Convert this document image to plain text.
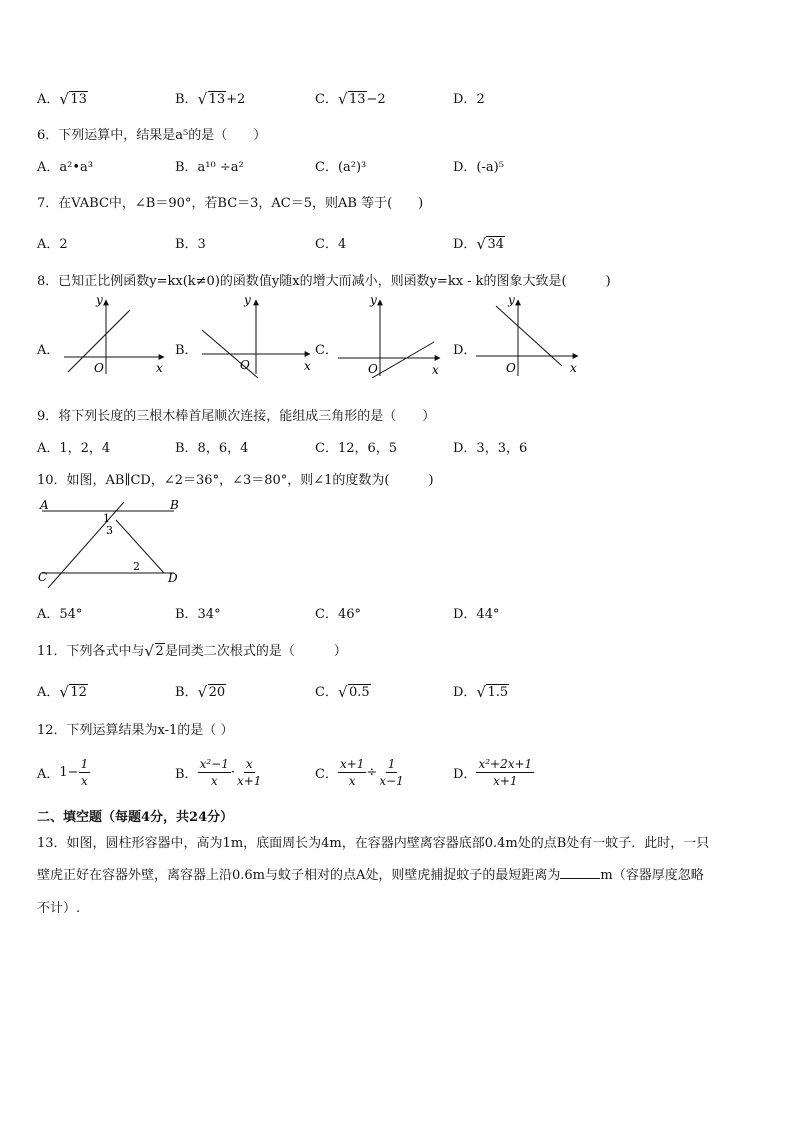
A． √ 13	B． √ 13+2	C． √ 13−2	D．2
6．下列运算中，结果是a⁵的是（　　）
A．a²•a³	B．a¹⁰ ÷a²	C．(a²)³	D．(-a)⁵
7．在VABC中，∠B＝90°，若BC＝3，AC＝5，则AB 等于(　　)
A．2	B．3	C．4	D． √ 34
8．已知正比例函数y=kx(k≠0)的函数值y随x的增大而减小，则函数y=kx - k的图象大致是(　　　)
A．	B．	C．	D．
x
y
O	x
y
O	x
y
O	x
y
O
9．将下列长度的三根木棒首尾顺次连接，能组成三角形的是（　　）
A．1，2，4	B．8，6，4	C．12，6，5	D．3，3，6
10．如图，AB∥CD，∠2＝36°，∠3＝80°，则∠1的度数为(　　　)
A	B
C	D
1
2
3
A．54°	B．34°	C．46°	D．44°
11．下列各式中与 √ 2是同类二次根式的是（　　　）
A． √ 12	B． √ 20	C． √ 0.5	D． √ 1.5
12．下列运算结果为x-1的是（ ）
A． $1- \frac{1}{x}$	B． $\frac{\text{x²−1}}{x} \cdot \frac{x}{x+1}$	C． $\frac{x+1}{x} \div \frac{1}{x-1}$	D． $\frac{\text{x²+2x+1}}{x+1}$
二、填空题（每题4分，共24分）
13．如图，圆柱形容器中，高为1m，底面周长为4m，在容器内壁离容器底部0.4m处的点B处有一蚊子．此时，一只
壁虎正好在容器外壁，离容器上沿0.6m与蚊子相对的点A处，则壁虎捕捉蚊子的最短距离为	m（容器厚度忽略
不计）.
